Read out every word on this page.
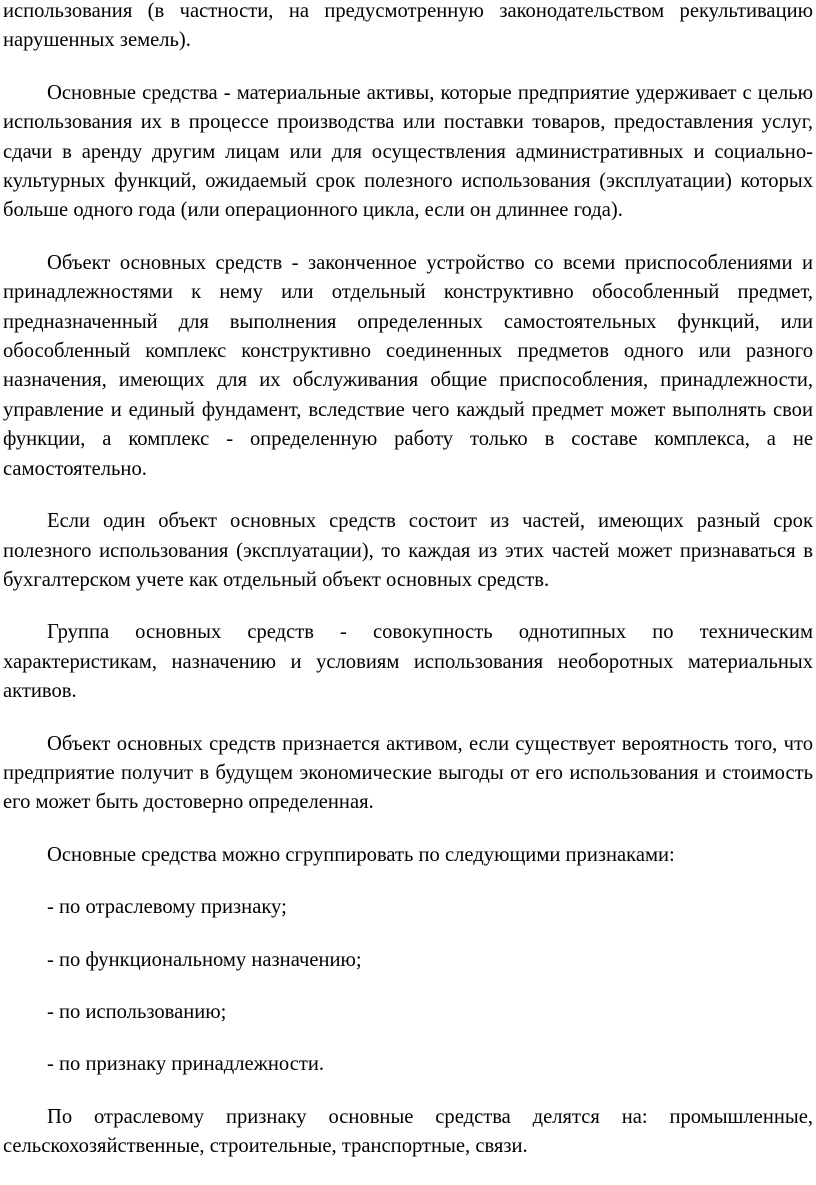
использования (в частности, на предусмотренную законодательством рекультивацию нарушенных земель).

Основные средства - материальные активы, которые предприятие удерживает с целью использования их в процессе производства или поставки товаров, предоставления услуг, сдачи в аренду другим лицам или для осуществления административных и социально-культурных функций, ожидаемый срок полезного использования (эксплуатации) которых больше одного года (или операционного цикла, если он длиннее года).

Объект основных средств - законченное устройство со всеми приспособлениями и принадлежностями к нему или отдельный конструктивно обособленный предмет, предназначенный для выполнения определенных самостоятельных функций, или обособленный комплекс конструктивно соединенных предметов одного или разного назначения, имеющих для их обслуживания общие приспособления, принадлежности, управление и единый фундамент, вследствие чего каждый предмет может выполнять свои функции, а комплекс - определенную работу только в составе комплекса, а не самостоятельно.

Если один объект основных средств состоит из частей, имеющих разный срок полезного использования (эксплуатации), то каждая из этих частей может признаваться в бухгалтерском учете как отдельный объект основных средств.

Группа основных средств - совокупность однотипных по техническим характеристикам, назначению и условиям использования необоротных материальных активов.

Объект основных средств признается активом, если существует вероятность того, что предприятие получит в будущем экономические выгоды от его использования и стоимость его может быть достоверно определенная.

Основные средства можно сгруппировать по следующими признаками:

- по отраслевому признаку;

- по функциональному назначению;

- по использованию;

- по признаку принадлежности.

По отраслевому признаку основные средства делятся на: промышленные, сельскохозяйственные, строительные, транспортные, связи.
